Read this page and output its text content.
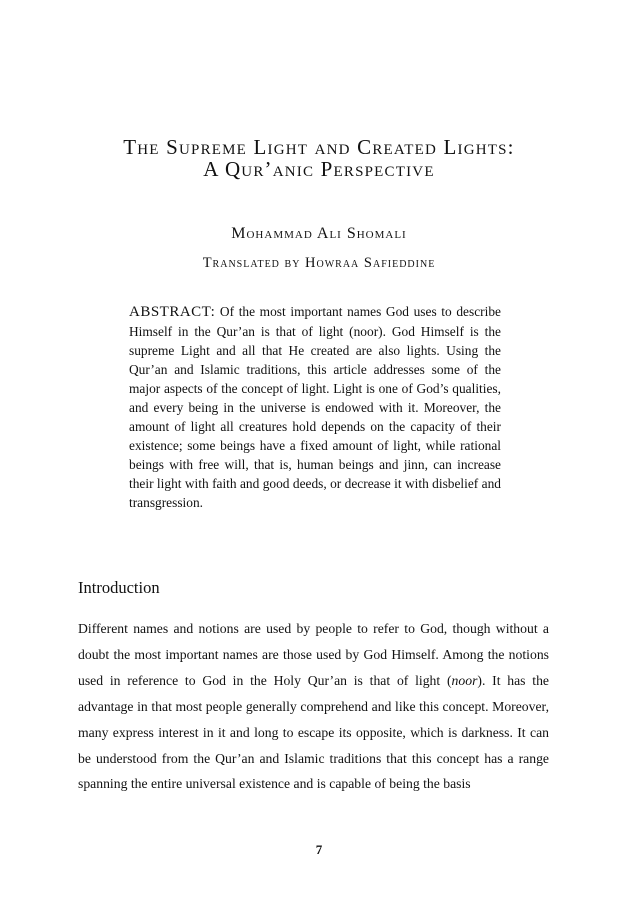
The Supreme Light and Created Lights:
A Qur’anic Perspective
Mohammad Ali Shomali
Translated by Howraa Safieddine

ABSTRACT: Of the most important names God uses to describe Himself in the Qur’an is that of light (noor). God Himself is the supreme Light and all that He created are also lights. Using the Qur’an and Islamic traditions, this article addresses some of the major aspects of the concept of light. Light is one of God’s qualities, and every being in the universe is endowed with it. Moreover, the amount of light all creatures hold depends on the capacity of their existence; some beings have a fixed amount of light, while rational beings with free will, that is, human beings and jinn, can increase their light with faith and good deeds, or decrease it with disbelief and transgression.

Introduction

Different names and notions are used by people to refer to God, though without a doubt the most important names are those used by God Himself. Among the notions used in reference to God in the Holy Qur’an is that of light (noor). It has the advantage in that most people generally comprehend and like this concept. Moreover, many express interest in it and long to escape its opposite, which is darkness. It can be understood from the Qur’an and Islamic traditions that this concept has a range spanning the entire universal existence and is capable of being the basis

7
